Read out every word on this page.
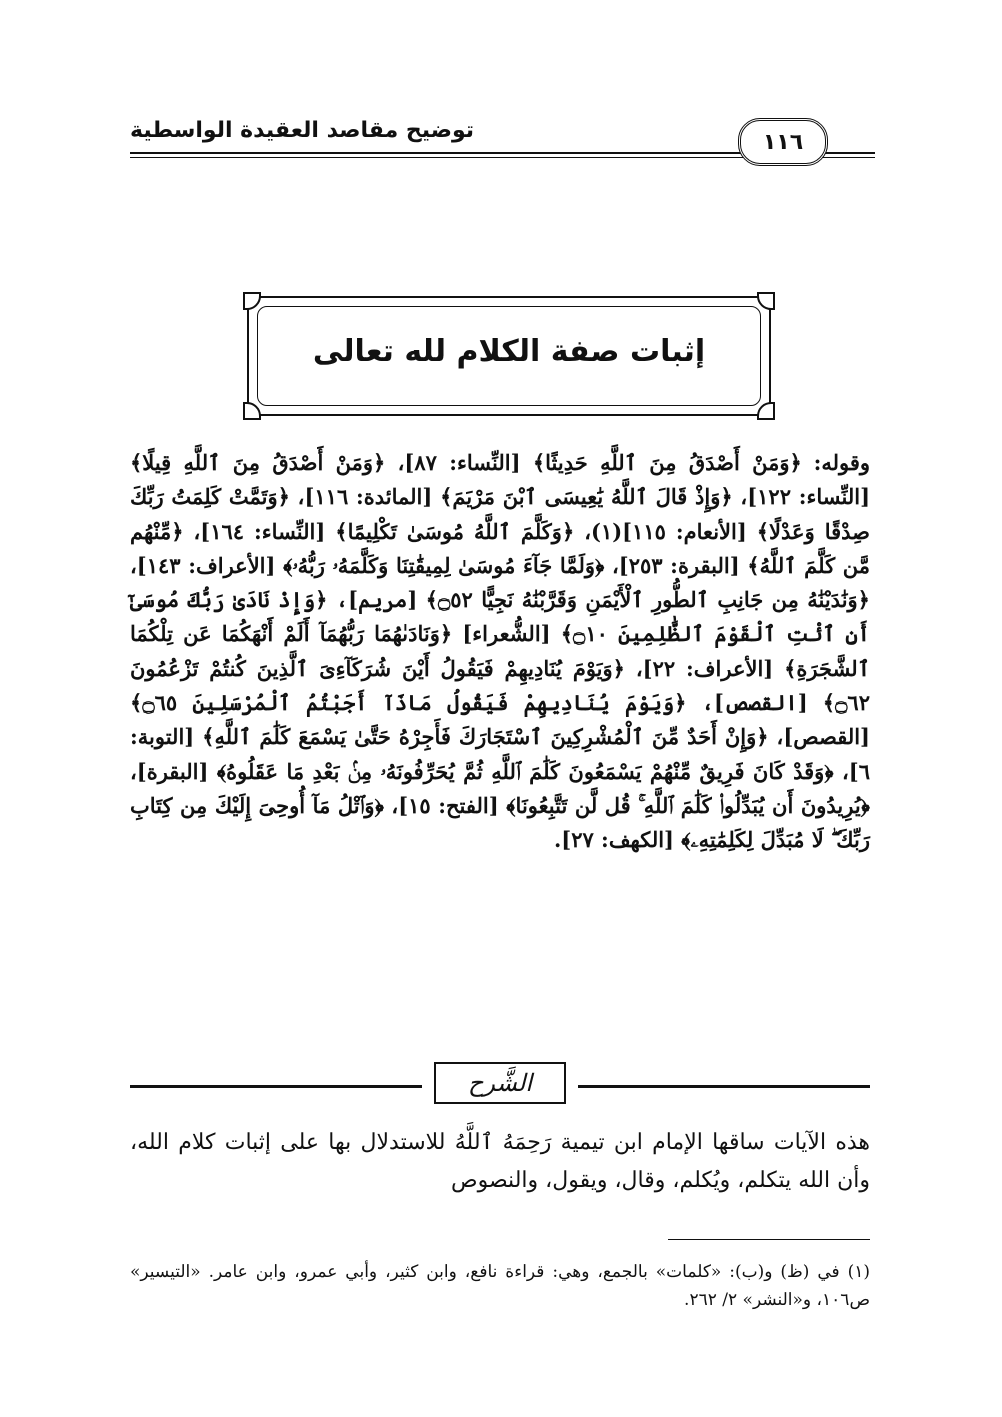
توضيح مقاصد العقيدة الواسطية	١١٦
إثبات صفة الكلام لله تعالى
وقوله: ﴿وَمَنْ أَصْدَقُ مِنَ ٱللَّهِ حَدِيثًا﴾ [النِّساء: ٨٧]، ﴿وَمَنْ أَصْدَقُ مِنَ ٱللَّهِ قِيلًا﴾ [النِّساء: ١٢٢]، ﴿وَإِذْ قَالَ ٱللَّهُ يَٰعِيسَى ٱبْنَ مَرْيَمَ﴾ [المائدة: ١١٦]، ﴿وَتَمَّتْ كَلِمَتُ رَبِّكَ صِدْقًا وَعَدْلًا﴾ [الأنعام: ١١٥](١)، ﴿وَكَلَّمَ ٱللَّهُ مُوسَىٰ تَكْلِيمًا﴾ [النِّساء: ١٦٤]، ﴿مِّنْهُم مَّن كَلَّمَ ٱللَّهُ﴾ [البقرة: ٢٥٣]، ﴿وَلَمَّا جَآءَ مُوسَىٰ لِمِيقَٰتِنَا وَكَلَّمَهُۥ رَبُّهُۥ﴾ [الأعراف: ١٤٣]، ﴿وَنَٰدَيْنَٰهُ مِن جَانِبِ ٱلطُّورِ ٱلْأَيْمَنِ وَقَرَّبْنَٰهُ نَجِيًّا ۝٥٢﴾ [مريم]، ﴿وَإِذْ نَادَىٰ رَبُّكَ مُوسَىٰٓ أَنِ ٱئْتِ ٱلْقَوْمَ ٱلظَّٰلِمِينَ ۝١٠﴾ [الشُّعراء] ﴿وَنَادَىٰهُمَا رَبُّهُمَآ أَلَمْ أَنْهَكُمَا عَن تِلْكُمَا ٱلشَّجَرَةِ﴾ [الأعراف: ٢٢]، ﴿وَيَوْمَ يُنَادِيهِمْ فَيَقُولُ أَيْنَ شُرَكَآءِىَ ٱلَّذِينَ كُنتُمْ تَزْعُمُونَ ۝٦٢﴾ [القصص]، ﴿وَيَوْمَ يُنَادِيهِمْ فَيَقُولُ مَاذَآ أَجَبْتُمُ ٱلْمُرْسَلِينَ ۝٦٥﴾ [القصص]، ﴿وَإِنْ أَحَدٌ مِّنَ ٱلْمُشْرِكِينَ ٱسْتَجَارَكَ فَأَجِرْهُ حَتَّىٰ يَسْمَعَ كَلَٰمَ ٱللَّهِ﴾ [التوبة: ٦]، ﴿وَقَدْ كَانَ فَرِيقٌ مِّنْهُمْ يَسْمَعُونَ كَلَٰمَ ٱللَّهِ ثُمَّ يُحَرِّفُونَهُۥ مِنۢ بَعْدِ مَا عَقَلُوهُ﴾ [البقرة]، ﴿يُرِيدُونَ أَن يُبَدِّلُوا۟ كَلَٰمَ ٱللَّهِ ۚ قُل لَّن تَتَّبِعُونَا﴾ [الفتح: ١٥]، ﴿وَٱتْلُ مَآ أُوحِىَ إِلَيْكَ مِن كِتَابِ رَبِّكَ ۖ لَا مُبَدِّلَ لِكَلِمَٰتِهِۦ﴾ [الكهف: ٢٧].
الشَّرح
هذه الآيات ساقها الإمام ابن تيمية رَحِمَهُ ٱللَّهُ للاستدلال بها على إثبات كلام الله، وأن الله يتكلم، ويُكلم، وقال، ويقول، والنصوص
(١) في (ظ) و(ب): «كلمات» بالجمع، وهي: قراءة نافع، وابن كثير، وأبي عمرو، وابن عامر. «التيسير» ص١٠٦، و«النشر» ٢/ ٢٦٢.
